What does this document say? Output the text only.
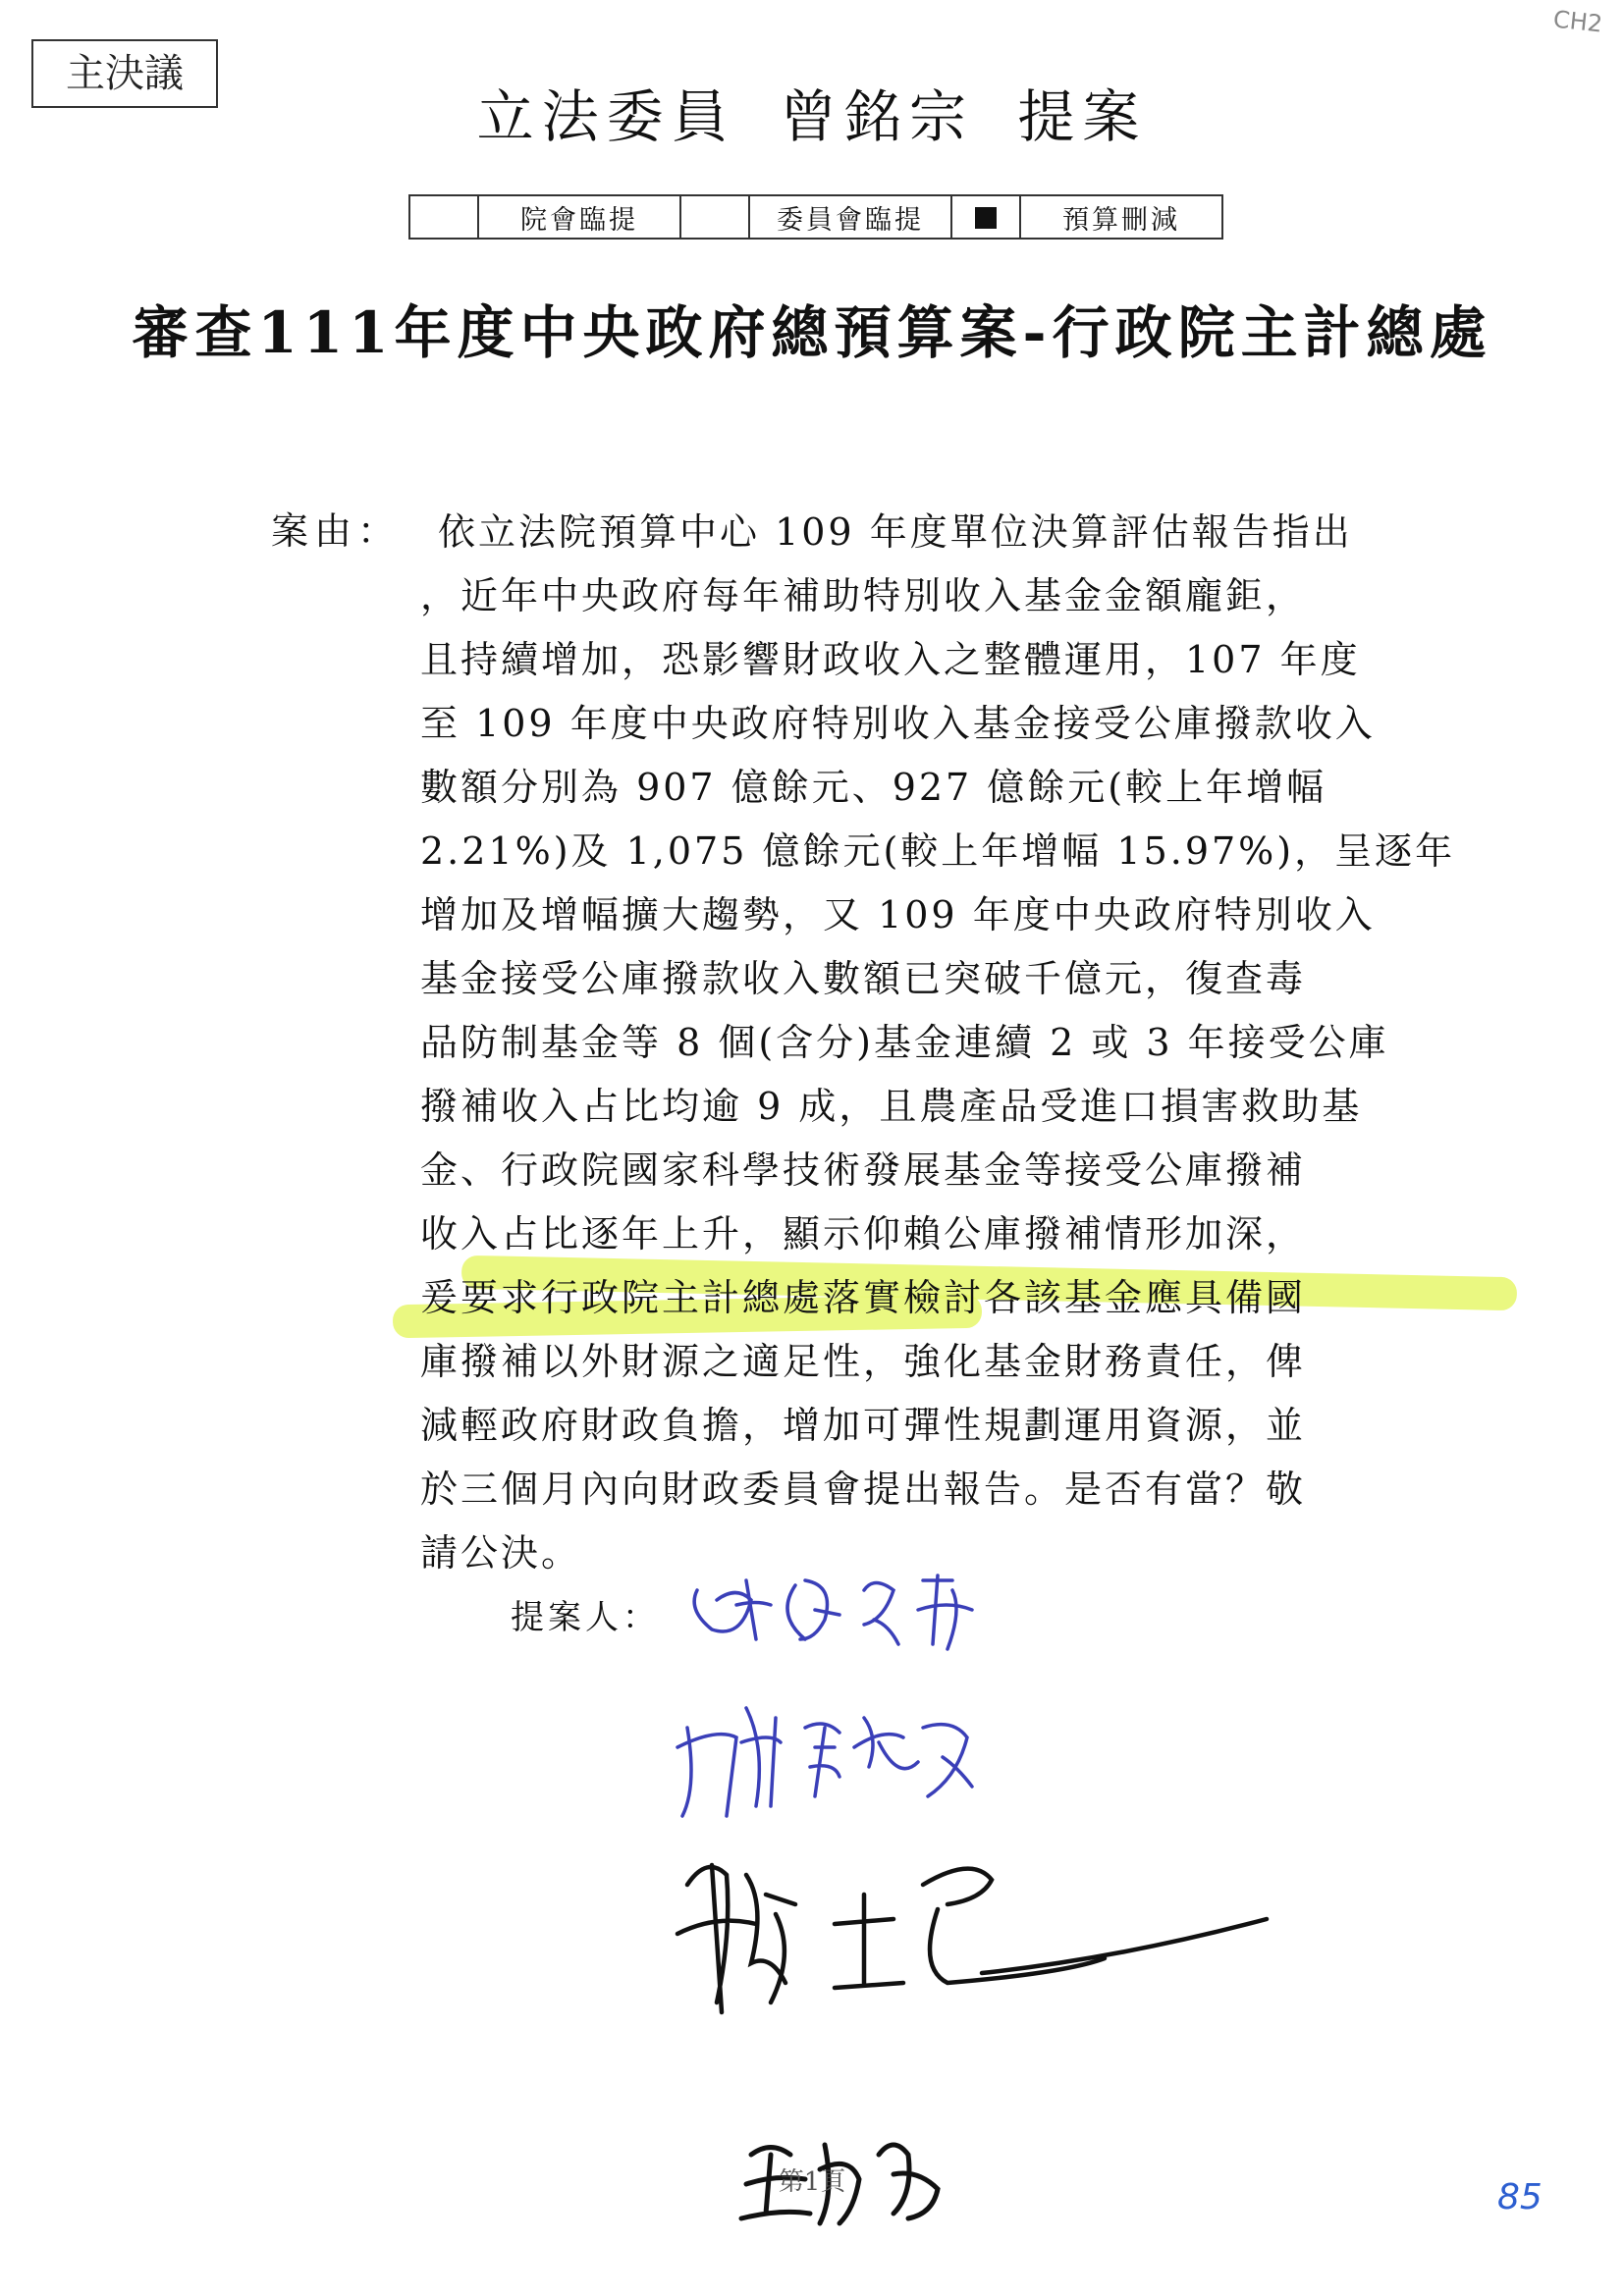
主決議
CH2
立法委員 曾銘宗 提案
	院會臨提		委員會臨提		預算刪減
審查111年度中央政府總預算案-行政院主計總處
案由： 依立法院預算中心 109 年度單位決算評估報告指出
，近年中央政府每年補助特別收入基金金額龐鉅，
且持續增加，恐影響財政收入之整體運用，107 年度
至 109 年度中央政府特別收入基金接受公庫撥款收入
數額分別為 907 億餘元、927 億餘元(較上年增幅
2.21%)及 1,075 億餘元(較上年增幅 15.97%)，呈逐年
增加及增幅擴大趨勢，又 109 年度中央政府特別收入
基金接受公庫撥款收入數額已突破千億元，復查毒
品防制基金等 8 個(含分)基金連續 2 或 3 年接受公庫
撥補收入占比均逾 9 成，且農產品受進口損害救助基
金、行政院國家科學技術發展基金等接受公庫撥補
收入占比逐年上升，顯示仰賴公庫撥補情形加深，
爰要求行政院主計總處落實檢討各該基金應具備國
庫撥補以外財源之適足性，強化基金財務責任，俾
減輕政府財政負擔，增加可彈性規劃運用資源，並
於三個月內向財政委員會提出報告。是否有當？敬
請公決。
提案人：
第1頁	85
